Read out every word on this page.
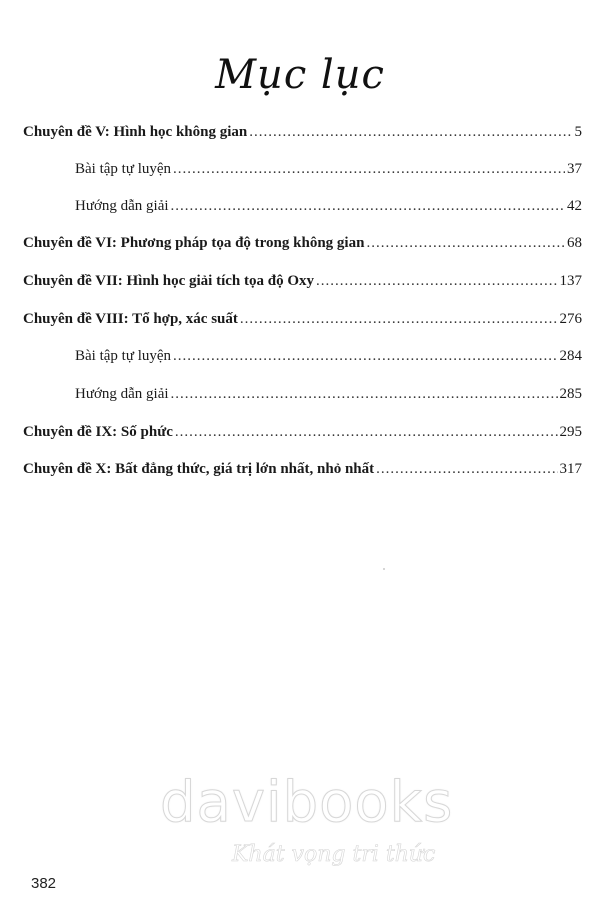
Mục lục
Chuyên đề V: Hình học không gian .....	5
Bài tập tự luyện .....	37
Hướng dẫn giải .....	42
Chuyên đề VI: Phương pháp tọa độ trong không gian .....	68
Chuyên đề VII: Hình học giải tích tọa độ Oxy .....	137
Chuyên đề VIII: Tổ hợp, xác suất .....	276
Bài tập tự luyện .....	284
Hướng dẫn giải .....	285
Chuyên đề IX: Số phức .....	295
Chuyên đề X: Bất đẳng thức, giá trị lớn nhất, nhỏ nhất .....	317
davibooks
Khát vọng tri thức
382
